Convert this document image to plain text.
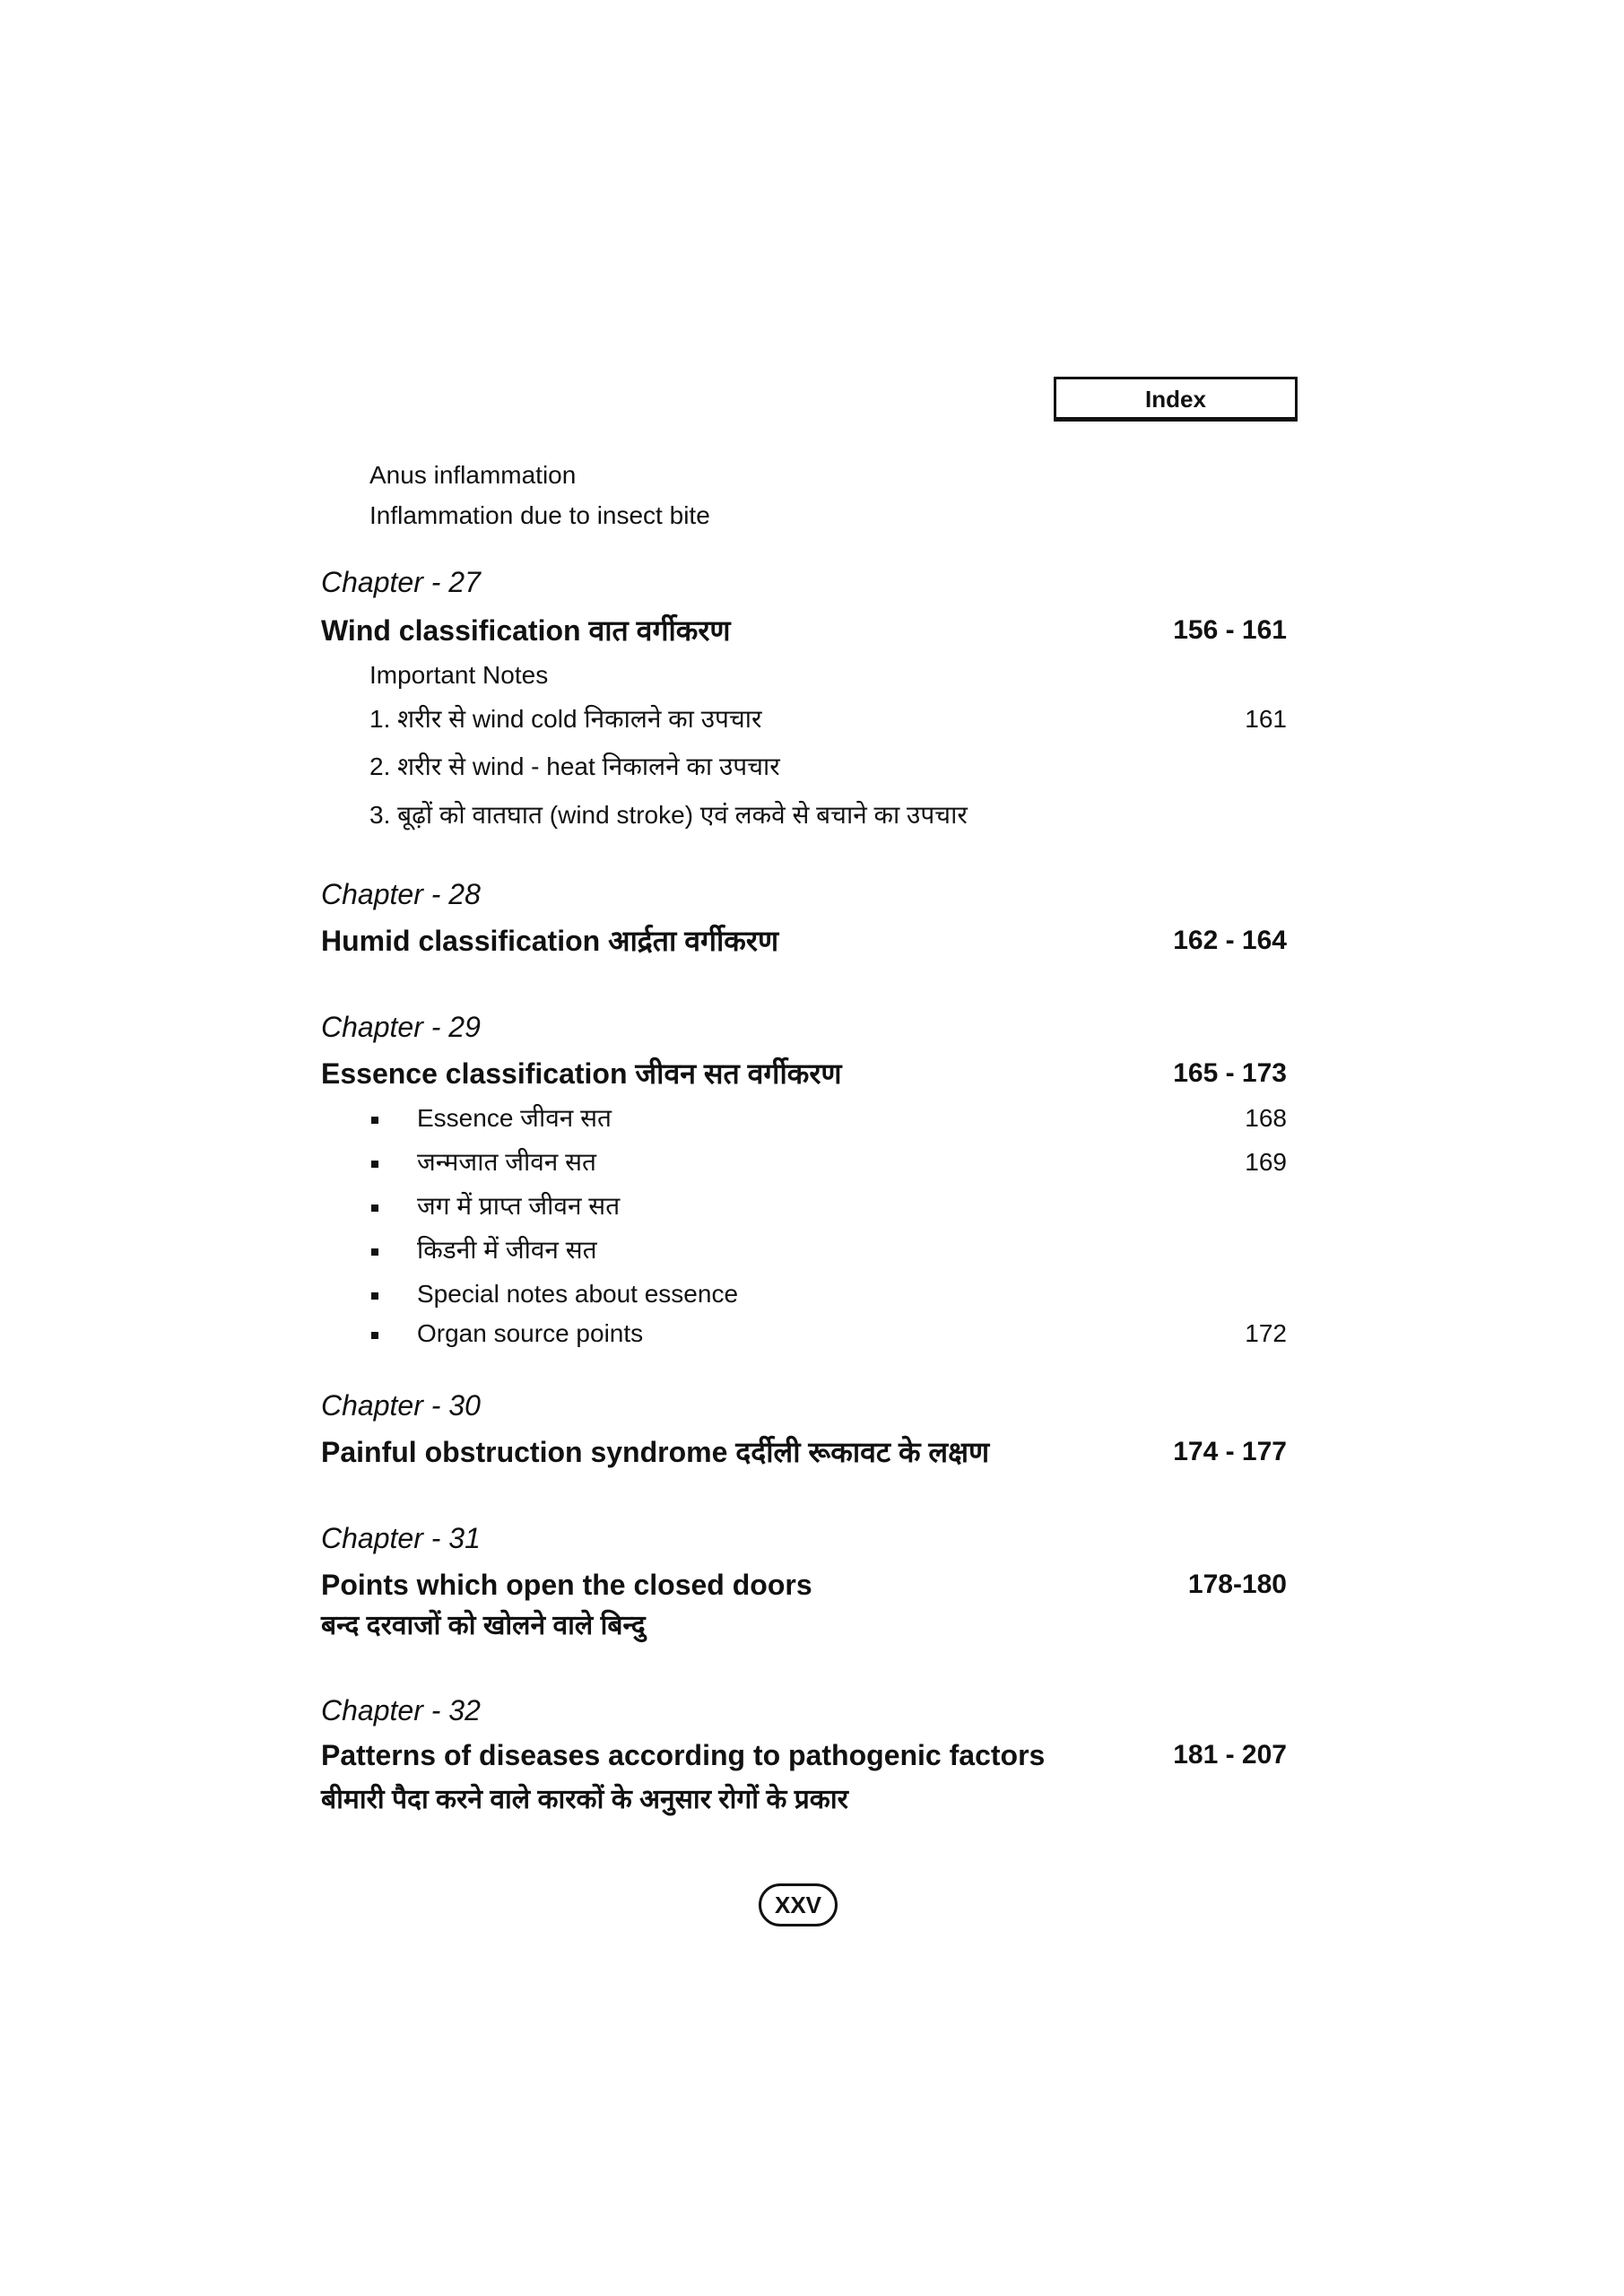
Index
Anus inflammation
Inflammation due to insect bite
Chapter - 27
Wind classification वात वर्गीकरण	156 - 161
Important Notes
1. शरीर से wind cold निकालने का उपचार	161
2. शरीर से wind - heat निकालने का उपचार
3. बूढ़ों को वातघात (wind stroke) एवं लकवे से बचाने का उपचार
Chapter - 28
Humid classification आर्द्रता वर्गीकरण	162 - 164
Chapter - 29
Essence classification जीवन सत वर्गीकरण	165 - 173
Essence जीवन सत	168
जन्मजात जीवन सत	169
जग में प्राप्त जीवन सत
किडनी में जीवन सत
Special notes about essence
Organ source points	172
Chapter - 30
Painful obstruction syndrome दर्दीली रूकावट के लक्षण	174 - 177
Chapter - 31
Points which open the closed doors	178-180
बन्द दरवाजों को खोलने वाले बिन्दु
Chapter - 32
Patterns of diseases according to pathogenic factors	181 - 207
बीमारी पैदा करने वाले कारकों के अनुसार रोगों के प्रकार
XXV
